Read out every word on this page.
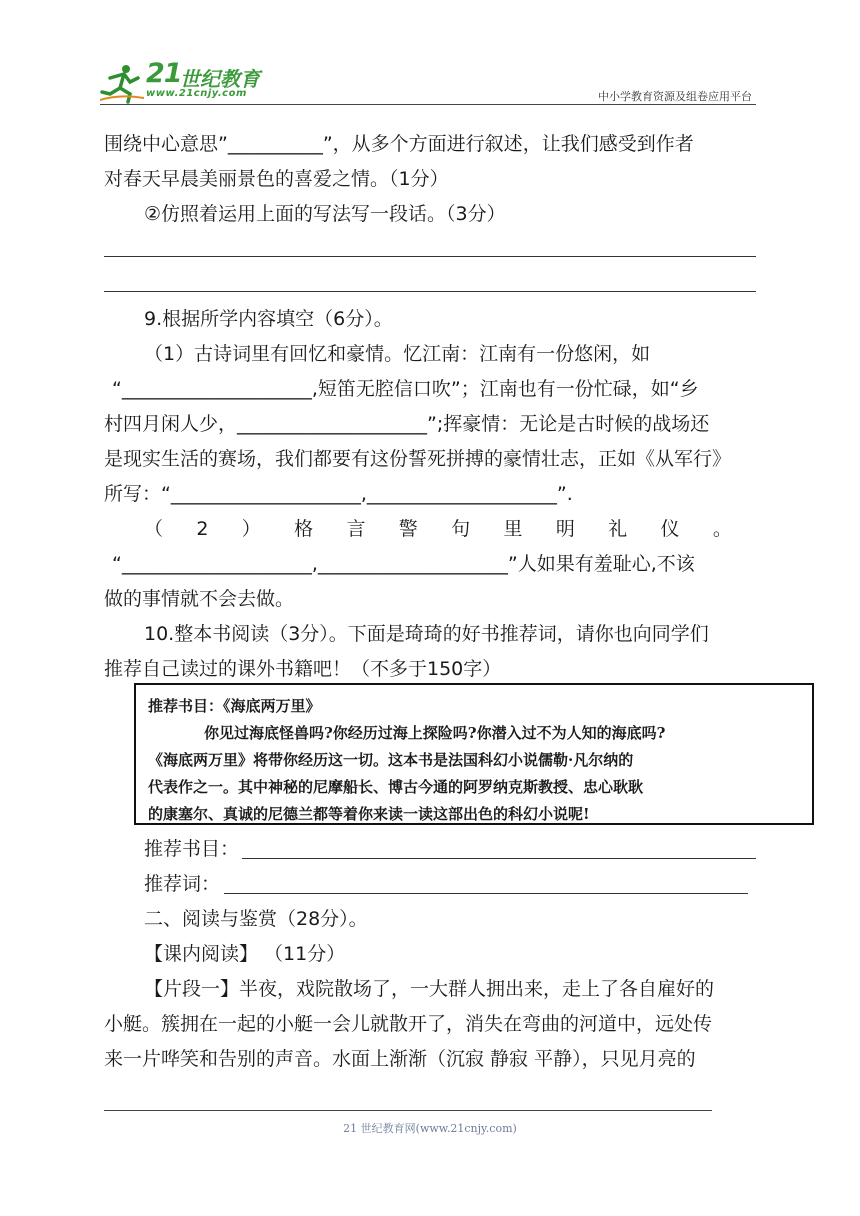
21
世纪教育
www.21cnjy.com	中小学教育资源及组卷应用平台
围绕中心意思”__________”，从多个方面进行叙述，让我们感受到作者
对春天早晨美丽景色的喜爱之情。（1分）
②仿照着运用上面的写法写一段话。（3分）
9.根据所学内容填空（6分）。
（1）古诗词里有回忆和豪情。忆江南：江南有一份悠闲，如
“____________________,短笛无腔信口吹”；江南也有一份忙碌，如“乡
村四月闲人少，____________________”;挥豪情：无论是古时候的战场还
是现实生活的赛场，我们都要有这份誓死拼搏的豪情壮志，正如《从军行》
所写：“____________________,____________________”.
（ 2 ） 格 言 警 句 里 明 礼 仪 。
“____________________,____________________”人如果有羞耻心,不该
做的事情就不会去做。
10.整本书阅读（3分）。下面是琦琦的好书推荐词，请你也向同学们
推荐自己读过的课外书籍吧！（不多于150字）

推荐书目：《海底两万里》

你见过海底怪兽吗?你经历过海上探险吗?你潜入过不为人知的海底吗?

《海底两万里》将带你经历这一切。这本书是法国科幻小说儒勒·凡尔纳的

代表作之一。其中神秘的尼摩船长、博古今通的阿罗纳克斯教授、忠心耿耿

的康塞尔、真诚的尼德兰都等着你来读一读这部出色的科幻小说呢!

推荐书目：
推荐词：
二、阅读与鉴赏（28分）。
【课内阅读】 （11分）
【片段一】半夜，戏院散场了，一大群人拥出来，走上了各自雇好的
小艇。簇拥在一起的小艇一会儿就散开了，消失在弯曲的河道中，远处传
来一片哗笑和告别的声音。水面上渐渐（沉寂 静寂 平静），只见月亮的
21 世纪教育网(www.21cnjy.com)
